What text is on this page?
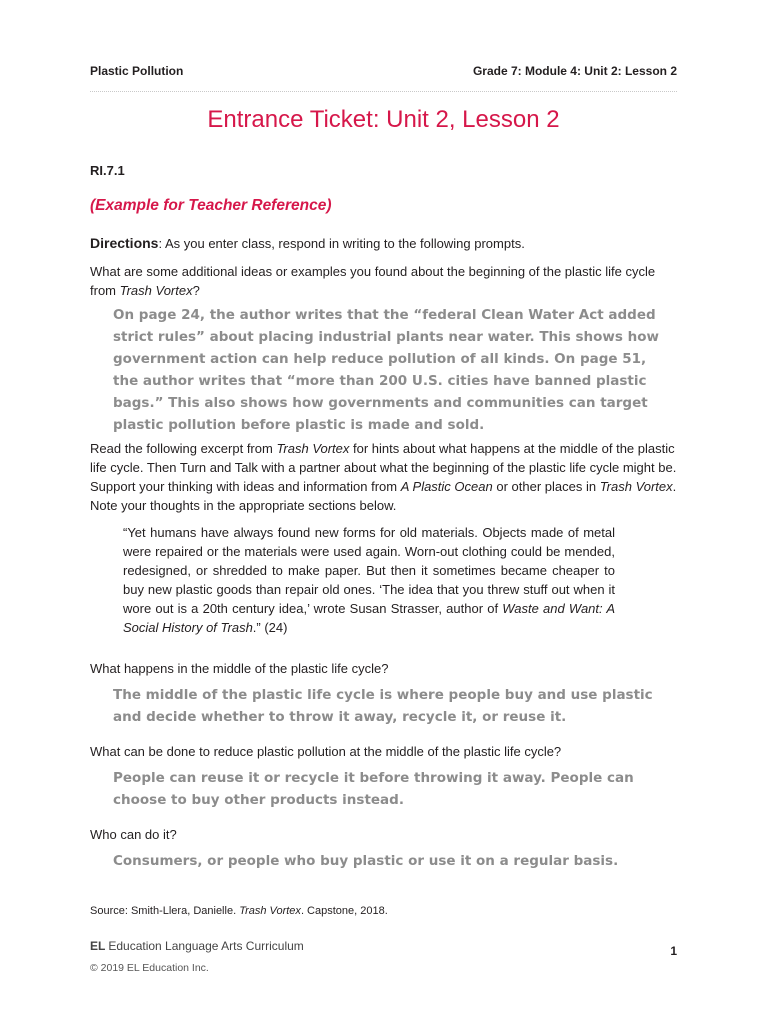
Plastic Pollution	Grade 7: Module 4: Unit 2: Lesson 2
Entrance Ticket: Unit 2, Lesson 2
RI.7.1
(Example for Teacher Reference)
Directions: As you enter class, respond in writing to the following prompts.
What are some additional ideas or examples you found about the beginning of the plastic life cycle from Trash Vortex?
On page 24, the author writes that the “federal Clean Water Act added strict rules” about placing industrial plants near water. This shows how government action can help reduce pollution of all kinds. On page 51, the author writes that “more than 200 U.S. cities have banned plastic bags.” This also shows how governments and communities can target plastic pollution before plastic is made and sold.
Read the following excerpt from Trash Vortex for hints about what happens at the middle of the plastic life cycle. Then Turn and Talk with a partner about what the beginning of the plastic life cycle might be. Support your thinking with ideas and information from A Plastic Ocean or other places in Trash Vortex. Note your thoughts in the appropriate sections below.
“Yet humans have always found new forms for old materials. Objects made of metal were repaired or the materials were used again. Worn-out clothing could be mended, redesigned, or shredded to make paper. But then it sometimes became cheaper to buy new plastic goods than repair old ones. ‘The idea that you threw stuff out when it wore out is a 20th century idea,’ wrote Susan Strasser, author of Waste and Want: A Social History of Trash.” (24)
What happens in the middle of the plastic life cycle?
The middle of the plastic life cycle is where people buy and use plastic and decide whether to throw it away, recycle it, or reuse it.
What can be done to reduce plastic pollution at the middle of the plastic life cycle?
People can reuse it or recycle it before throwing it away. People can choose to buy other products instead.
Who can do it?
Consumers, or people who buy plastic or use it on a regular basis.
Source: Smith-Llera, Danielle. Trash Vortex. Capstone, 2018.
EL Education Language Arts Curriculum
© 2019 EL Education Inc.
1
